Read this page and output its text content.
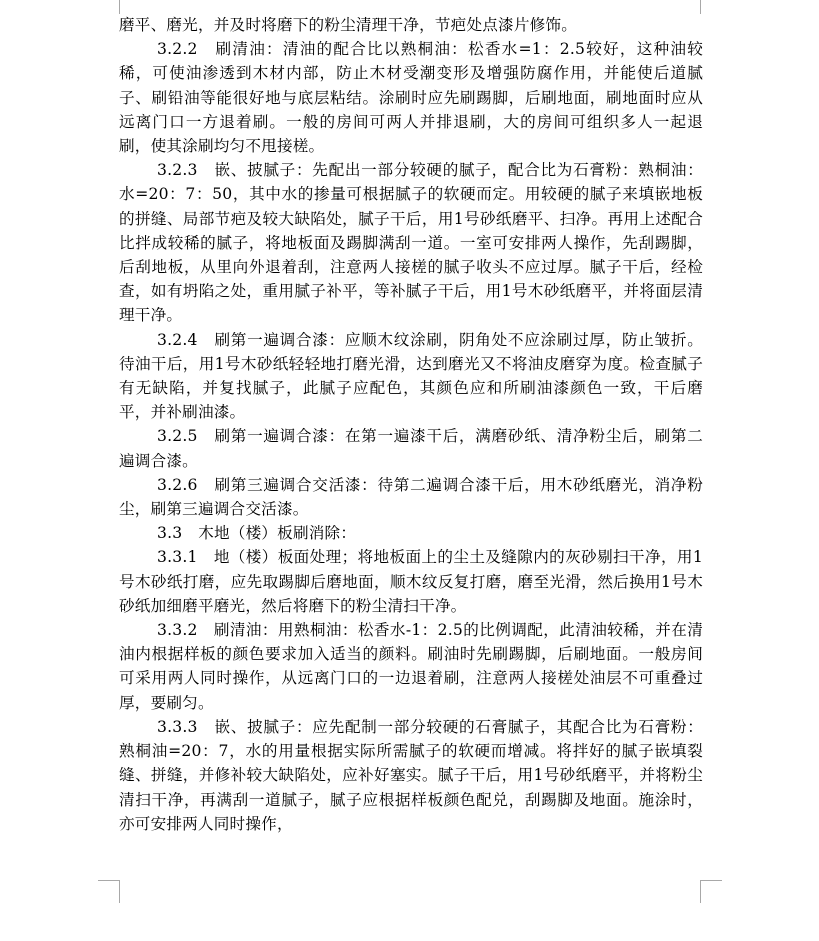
磨平、磨光，并及时将磨下的粉尘清理干净，节疤处点漆片修饰。

3.2.2　刷清油：清油的配合比以熟桐油：松香水=1：2.5较好，这种油较稀，可使油渗透到木材内部，防止木材受潮变形及增强防腐作用，并能使后道腻子、刷铅油等能很好地与底层粘结。涂刷时应先刷踢脚，后刷地面，刷地面时应从远离门口一方退着刷。一般的房间可两人并排退刷，大的房间可组织多人一起退刷，使其涂刷均匀不甩接槎。

3.2.3　嵌、披腻子：先配出一部分较硬的腻子，配合比为石膏粉：熟桐油：水=20：7：50，其中水的掺量可根据腻子的软硬而定。用较硬的腻子来填嵌地板的拼缝、局部节疤及较大缺陷处，腻子干后，用1号砂纸磨平、扫净。再用上述配合比拌成较稀的腻子，将地板面及踢脚满刮一道。一室可安排两人操作，先刮踢脚，后刮地板，从里向外退着刮，注意两人接槎的腻子收头不应过厚。腻子干后，经检查，如有坍陷之处，重用腻子补平，等补腻子干后，用1号木砂纸磨平，并将面层清理干净。

3.2.4　刷第一遍调合漆：应顺木纹涂刷，阴角处不应涂刷过厚，防止皱折。待油干后，用1号木砂纸轻轻地打磨光滑，达到磨光又不将油皮磨穿为度。检查腻子有无缺陷，并复找腻子，此腻子应配色，其颜色应和所刷油漆颜色一致，干后磨平，并补刷油漆。

3.2.5　刷第一遍调合漆：在第一遍漆干后，满磨砂纸、清净粉尘后，刷第二遍调合漆。

3.2.6　刷第三遍调合交活漆：待第二遍调合漆干后，用木砂纸磨光，消净粉尘，刷第三遍调合交活漆。

3.3　木地（楼）板刷消除：

3.3.1　地（楼）板面处理；将地板面上的尘土及缝隙内的灰砂剔扫干净，用1 号木砂纸打磨，应先取踢脚后磨地面，顺木纹反复打磨，磨至光滑，然后换用1号木砂纸加细磨平磨光，然后将磨下的粉尘清扫干净。

3.3.2　刷清油：用熟桐油：松香水-1：2.5的比例调配，此清油较稀，并在清油内根据样板的颜色要求加入适当的颜料。刷油时先刷踢脚，后刷地面。一般房间可采用两人同时操作，从远离门口的一边退着刷，注意两人接槎处油层不可重叠过厚，要刷匀。

3.3.3　嵌、披腻子：应先配制一部分较硬的石膏腻子，其配合比为石膏粉：熟桐油=20：7，水的用量根据实际所需腻子的软硬而增减。将拌好的腻子嵌填裂缝、拼缝，并修补较大缺陷处，应补好塞实。腻子干后，用1号砂纸磨平，并将粉尘清扫干净，再满刮一道腻子，腻子应根据样板颜色配兑，刮踢脚及地面。施涂时，亦可安排两人同时操作，
